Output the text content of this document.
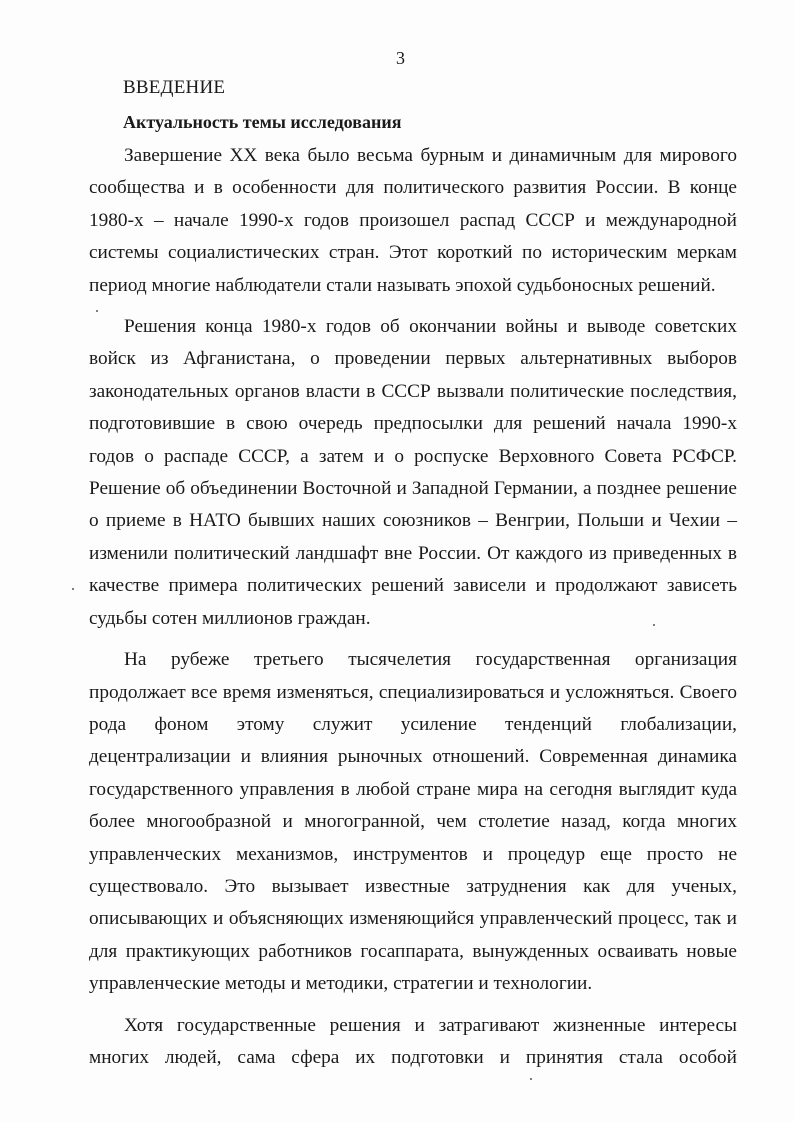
3
ВВЕДЕНИЕ
Актуальность темы исследования

Завершение XX века было весьма бурным и динамичным для мирового сообщества и в особенности для политического развития России. В конце 1980-х – начале 1990-х годов произошел распад СССР и международной системы социалистических стран. Этот короткий по историческим меркам период многие наблюдатели стали называть эпохой судьбоносных решений.

Решения конца 1980-х годов об окончании войны и выводе советских войск из Афганистана, о проведении первых альтернативных выборов законодательных органов власти в СССР вызвали политические последствия, подготовившие в свою очередь предпосылки для решений начала 1990-х годов о распаде СССР, а затем и о роспуске Верховного Совета РСФСР. Решение об объединении Восточной и Западной Германии, а позднее решение о приеме в НАТО бывших наших союзников – Венгрии, Польши и Чехии – изменили политический ландшафт вне России. От каждого из приведенных в качестве примера политических решений зависели и продолжают зависеть судьбы сотен миллионов граждан.

На рубеже третьего тысячелетия государственная организация продолжает все время изменяться, специализироваться и усложняться. Своего рода фоном этому служит усиление тенденций глобализации, децентрализации и влияния рыночных отношений. Современная динамика государственного управления в любой стране мира на сегодня выглядит куда более многообразной и многогранной, чем столетие назад, когда многих управленческих механизмов, инструментов и процедур еще просто не существовало. Это вызывает известные затруднения как для ученых, описывающих и объясняющих изменяющийся управленческий процесс, так и для практикующих работников госаппарата, вынужденных осваивать новые управленческие методы и методики, стратегии и технологии.

Хотя государственные решения и затрагивают жизненные интересы многих людей, сама сфера их подготовки и принятия стала особой
